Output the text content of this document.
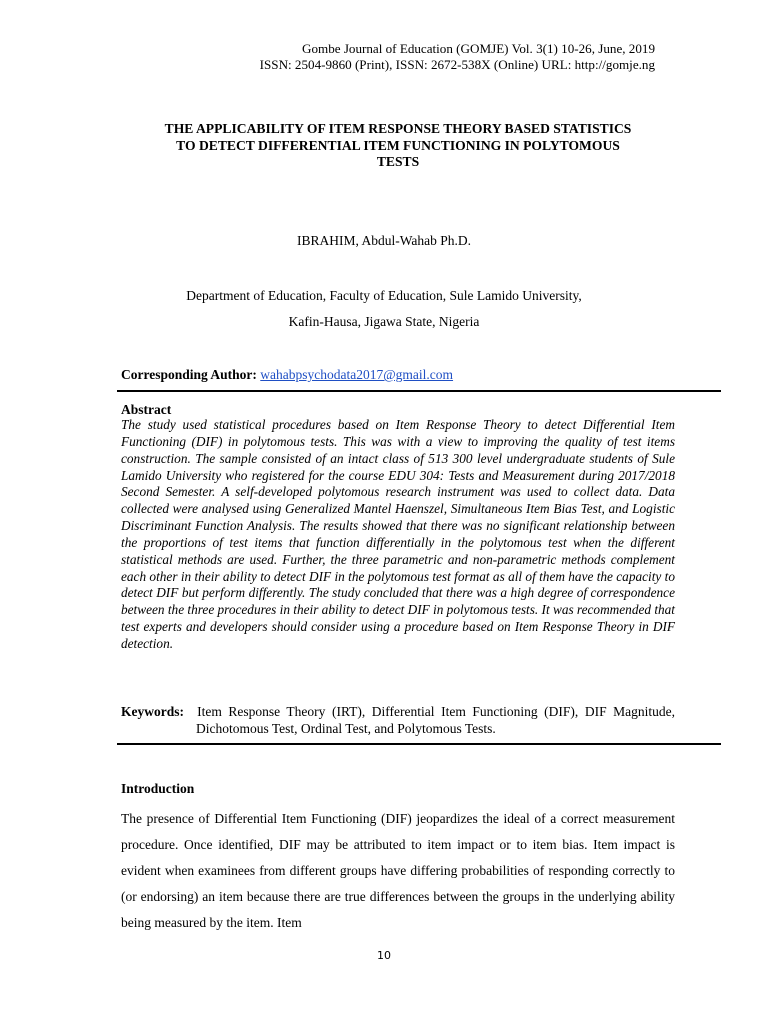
Gombe Journal of Education (GOMJE) Vol. 3(1) 10-26, June, 2019
ISSN: 2504-9860 (Print), ISSN: 2672-538X (Online) URL: http://gomje.ng
THE APPLICABILITY OF ITEM RESPONSE THEORY BASED STATISTICS
TO DETECT DIFFERENTIAL ITEM FUNCTIONING IN POLYTOMOUS
TESTS
IBRAHIM, Abdul-Wahab Ph.D.
Department of Education, Faculty of Education, Sule Lamido University,
Kafin-Hausa, Jigawa State, Nigeria
Corresponding Author: wahabpsychodata2017@gmail.com
Abstract
The study used statistical procedures based on Item Response Theory to detect Differential Item Functioning (DIF) in polytomous tests. This was with a view to improving the quality of test items construction. The sample consisted of an intact class of 513 300 level undergraduate students of Sule Lamido University who registered for the course EDU 304: Tests and Measurement during 2017/2018 Second Semester. A self-developed polytomous research instrument was used to collect data. Data collected were analysed using Generalized Mantel Haenszel, Simultaneous Item Bias Test, and Logistic Discriminant Function Analysis. The results showed that there was no significant relationship between the proportions of test items that function differentially in the polytomous test when the different statistical methods are used. Further, the three parametric and non-parametric methods complement each other in their ability to detect DIF in the polytomous test format as all of them have the capacity to detect DIF but perform differently. The study concluded that there was a high degree of correspondence between the three procedures in their ability to detect DIF in polytomous tests. It was recommended that test experts and developers should consider using a procedure based on Item Response Theory in DIF detection.
Keywords: Item Response Theory (IRT), Differential Item Functioning (DIF), DIF Magnitude, Dichotomous Test, Ordinal Test, and Polytomous Tests.
Introduction
The presence of Differential Item Functioning (DIF) jeopardizes the ideal of a correct measurement procedure. Once identified, DIF may be attributed to item impact or to item bias. Item impact is evident when examinees from different groups have differing probabilities of responding correctly to (or endorsing) an item because there are true differences between the groups in the underlying ability being measured by the item. Item
10
